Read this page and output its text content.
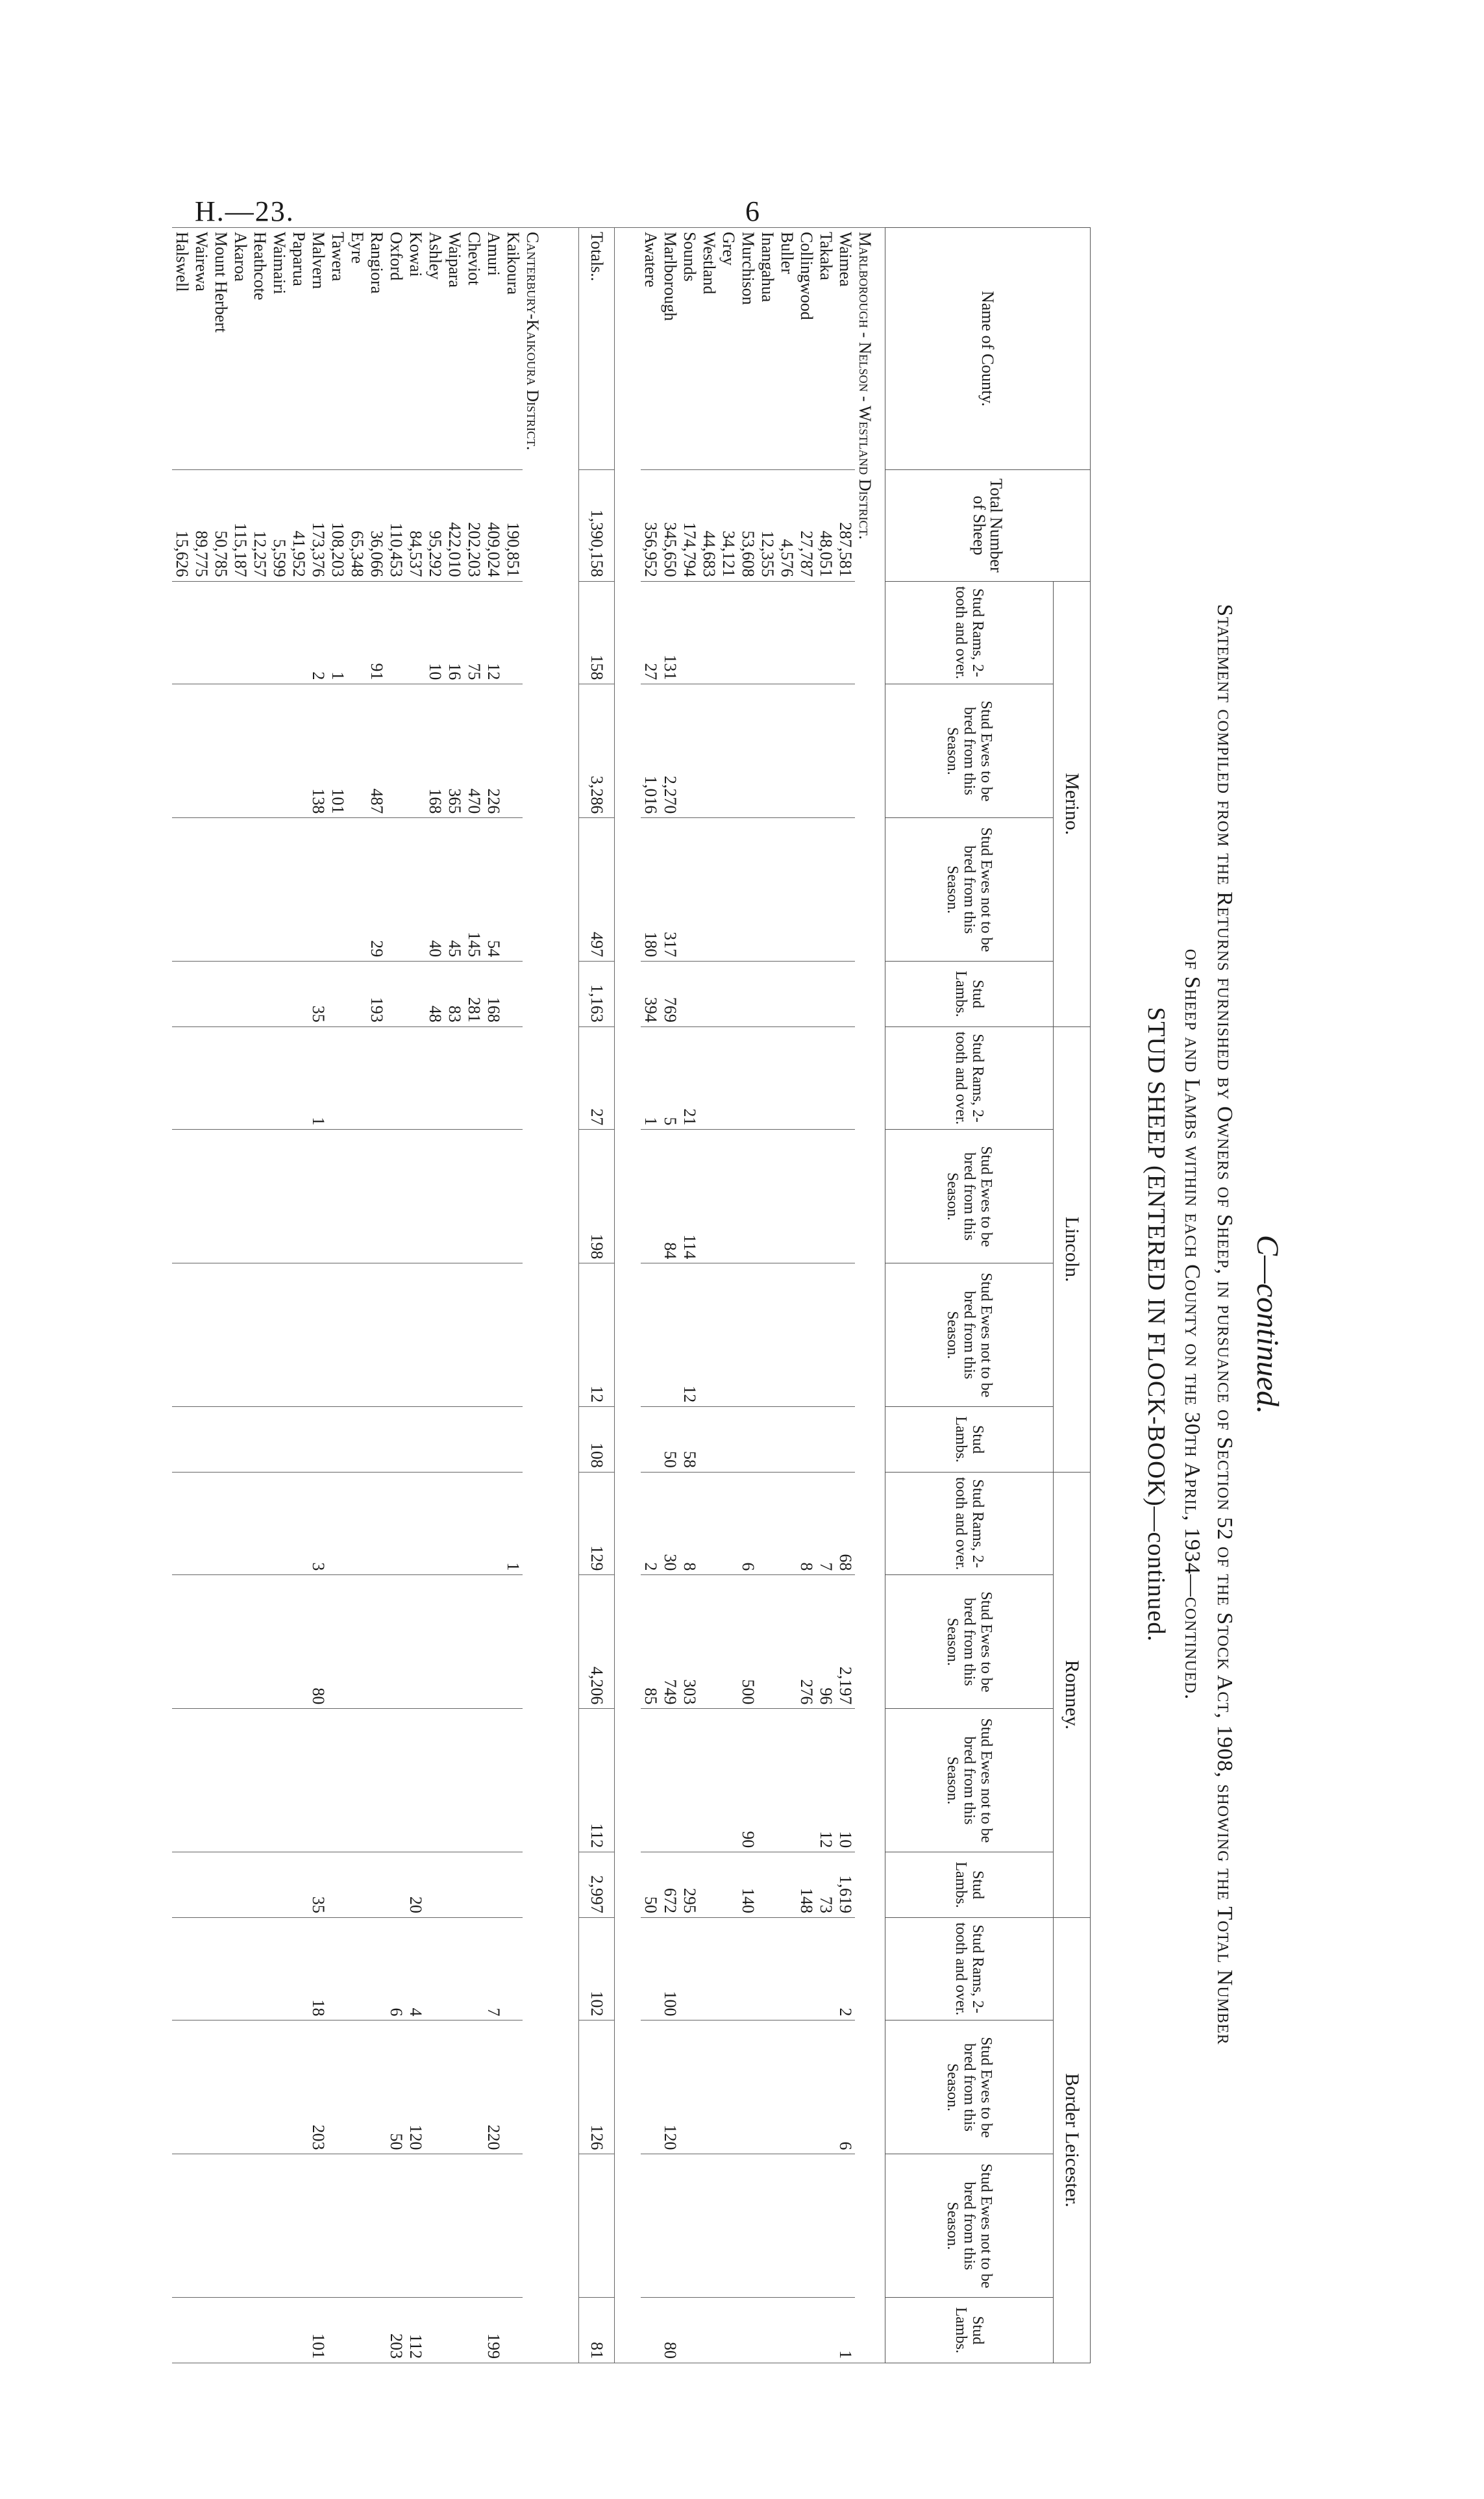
H.—23.	6
C—continued.
Statement compiled from the Returns furnished by Owners of Sheep, in pursuance of Section 52 of the Stock Act, 1908, showing the Total Number
of Sheep and Lambs within each County on the 30th April, 1934—continued.
STUD SHEEP (ENTERED IN FLOCK-BOOK)—continued.
Name of County.	Total Number of Sheep	Merino.				Lincoln.				Romney.				Border Leicester.			
		Stud Rams, 2-tooth and over.	Stud Ewes to be bred from this Season.	Stud Ewes not to be bred from this Season.	Stud Lambs.	Stud Rams, 2-tooth and over.	Stud Ewes to be bred from this Season.	Stud Ewes not to be bred from this Season.	Stud Lambs.	Stud Rams, 2-tooth and over.	Stud Ewes to be bred from this Season.	Stud Ewes not to be bred from this Season.	Stud Lambs.	Stud Rams, 2-tooth and over.	Stud Ewes to be bred from this Season.	Stud Ewes not to be bred from this Season.	Stud Lambs.
Marlborough - Nelson - Westland District.																	
Waimea	287,581									68	2,197	10	1,619	2	6		1
Takaka	48,051									7	96	12	73				
Collingwood	27,787									8	276		148				
Buller	4,576																
Inangahua	12,355																
Murchison	53,608									6	500	90	140				
Grey	34,121																
Westland	44,683																
Sounds	174,794					21	114	12	58	8	303		295				
Marlborough	345,650	131	2,270	317	769	5	84		50	30	749		672	100	120		80
Awatere	356,952	27	1,016	180	394	1				2	85		50				

Totals..	1,390,158	158	3,286	497	1,163	27	198	12	108	129	4,206	112	2,997	102	126		81

Canterbury-Kaikoura District.																	
Kaikoura	190,851									1							
Amuri	409,024	12	226	54	168									7	220		199
Cheviot	202,203	75	470	145	281												
Waipara	422,010	16	365	45	83												
Ashley	95,292	10	168	40	48												
Kowai	84,537												20	4	120		112
Oxford	110,453													6	50		203
Rangiora	36,066	91	487	29	193												
Eyre	65,348																
Tawera	108,203	1	101														
Malvern	173,376	2	138		35	1				3	80		35	18	203		101
Paparua	41,952																
Waimairi	5,599																
Heathcote	12,257																
Akaroa	115,187																
Mount Herbert	50,785																
Wairewa	89,775																
Halswell	15,626																
